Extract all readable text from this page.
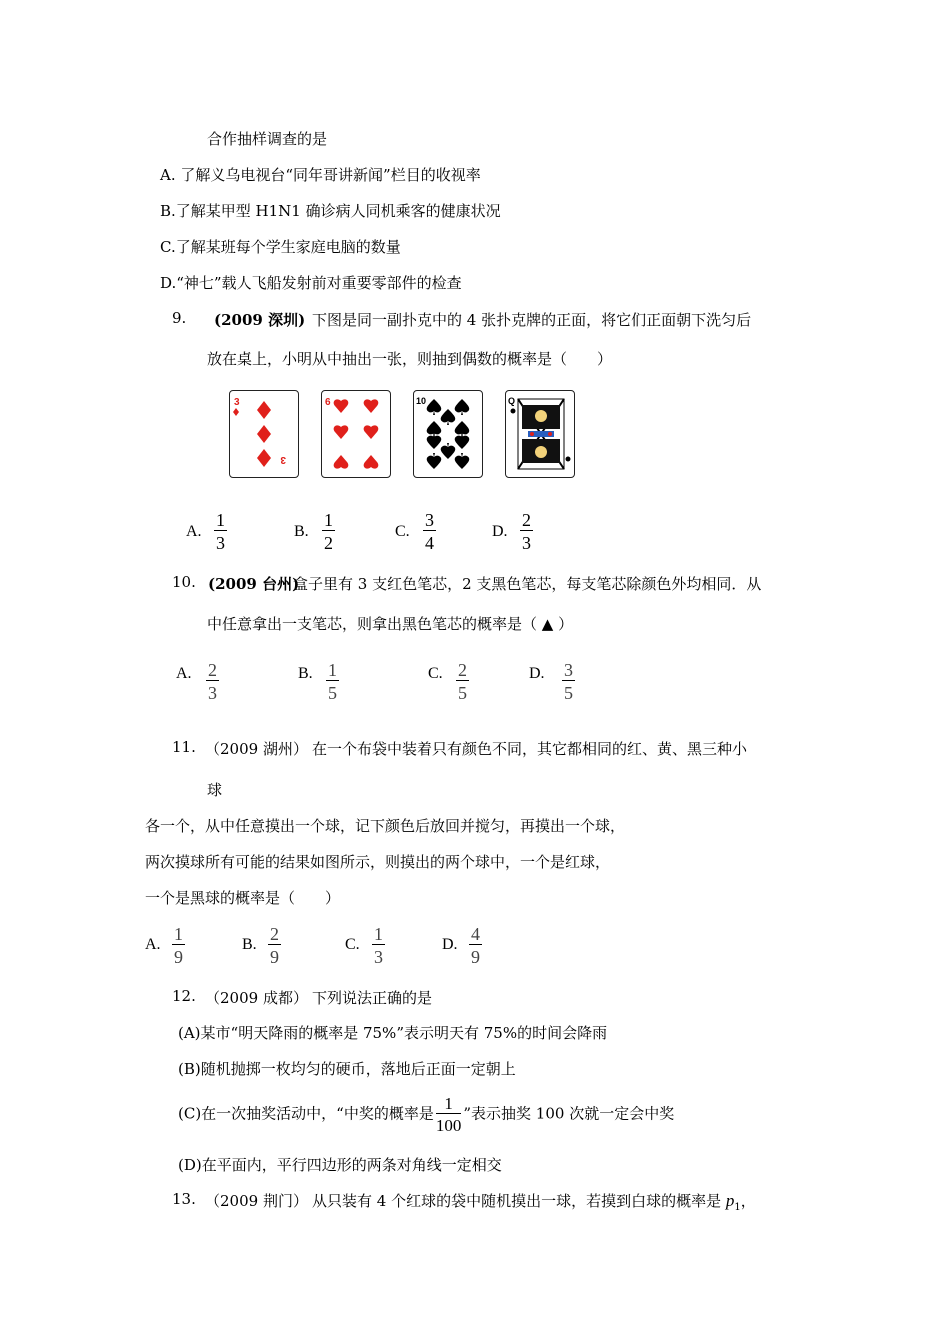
合作抽样调查的是
A. 了解义乌电视台“同年哥讲新闻”栏目的收视率
B.了解某甲型 H1N1 确诊病人同机乘客的健康状况
C.了解某班每个学生家庭电脑的数量
D.“神七”载人飞船发射前对重要零部件的检查
9. (2009 深圳) 下图是同一副扑克中的 4 张扑克牌的正面，将它们正面朝下洗匀后
放在桌上，小明从中抽出一张，则抽到偶数的概率是（　　）
3
3
6	10	Q
A. $\frac{1}{3}$	B. $\frac{1}{2}$	C. $\frac{3}{4}$	D. $\frac{2}{3}$
10. (2009 台州)
盒子里有 3 支红色笔芯，2 支黑色笔芯，每支笔芯除颜色外均相同．从
中任意拿出一支笔芯，则拿出黑色笔芯的概率是（ ▲ ）
A. $\frac{2}{3}$	B. $\frac{1}{5}$	C. $\frac{2}{5}$	D. $\frac{3}{5}$
11. （2009 湖州） 在一个布袋中装着只有颜色不同，其它都相同的红、黄、黑三种小
球
各一个，从中任意摸出一个球，记下颜色后放回并搅匀，再摸出一个球，
两次摸球所有可能的结果如图所示，则摸出的两个球中，一个是红球，
一个是黑球的概率是（　　）
A. $\frac{1}{9}$	B. $\frac{2}{9}$	C. $\frac{1}{3}$	D. $\frac{4}{9}$
12. （2009 成都） 下列说法正确的是
(A)某市“明天降雨的概率是 75%”表示明天有 75%的时间会降雨
(B)随机抛掷一枚均匀的硬币，落地后正面一定朝上
(C)在一次抽奖活动中，“中奖的概率是 $\frac{1}{100}$ ”表示抽奖 100 次就一定会中奖
(D)在平面内，平行四边形的两条对角线一定相交
13. （2009 荆门） 从只装有 4 个红球的袋中随机摸出一球，若摸到白球的概率是 $p_1$，
